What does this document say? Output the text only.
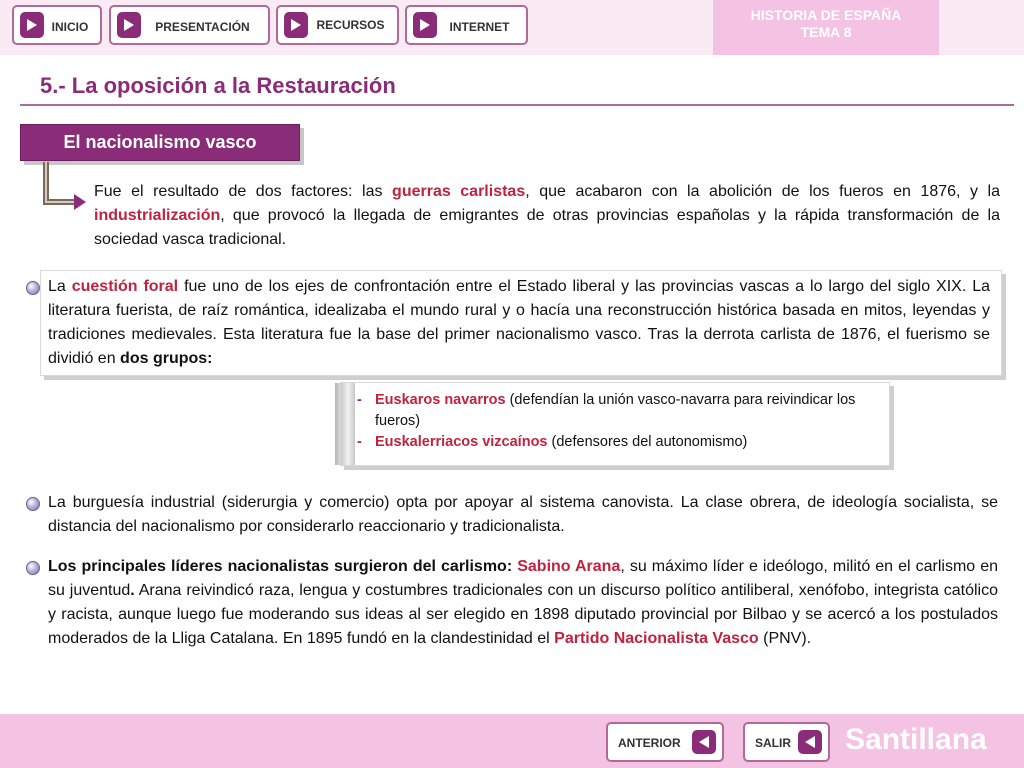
INICIO	PRESENTACIÓN	RECURSOS	INTERNET
HISTORIA DE ESPAÑA
TEMA 8
5.- La oposición a la Restauración
El nacionalismo vasco
Fue el resultado de dos factores: las guerras carlistas, que acabaron con la abolición de los fueros en 1876, y la industrialización, que provocó la llegada de emigrantes de otras provincias españolas y la rápida transformación de la sociedad vasca tradicional.
La cuestión foral fue uno de los ejes de confrontación entre el Estado liberal y las provincias vascas a lo largo del siglo XIX. La literatura fuerista, de raíz romántica, idealizaba el mundo rural y o hacía una reconstrucción histórica basada en mitos, leyendas y tradiciones medievales. Esta literatura fue la base del primer nacionalismo vasco. Tras la derrota carlista de 1876, el fuerismo se dividió en dos grupos:
- Euskaros navarros (defendían la unión vasco-navarra para reivindicar los fueros)
- Euskalerriacos vizcaínos (defensores del autonomismo)
La burguesía industrial (siderurgia y comercio) opta por apoyar al sistema canovista. La clase obrera, de ideología socialista, se distancia del nacionalismo por considerarlo reaccionario y tradicionalista.
Los principales líderes nacionalistas surgieron del carlismo: Sabino Arana, su máximo líder e ideólogo, militó en el carlismo en su juventud. Arana reivindicó raza, lengua y costumbres tradicionales con un discurso político antiliberal, xenófobo, integrista católico y racista, aunque luego fue moderando sus ideas al ser elegido en 1898 diputado provincial por Bilbao y se acercó a los postulados moderados de la Lliga Catalana. En 1895 fundó en la clandestinidad el Partido Nacionalista Vasco (PNV).
ANTERIOR	SALIR Santillana
